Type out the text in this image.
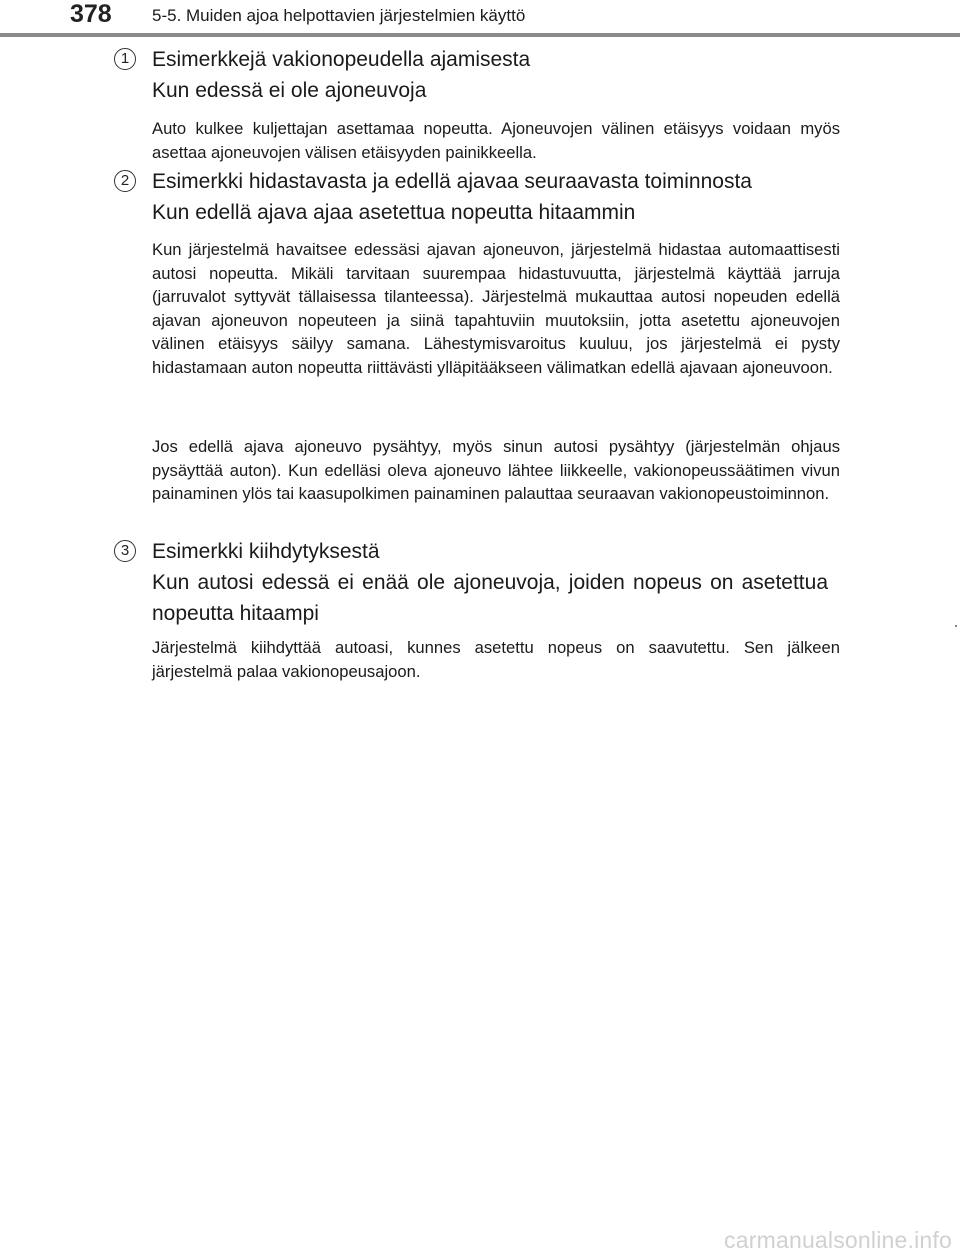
378 5-5. Muiden ajoa helpottavien järjestelmien käyttö
1	Esimerkkejä vakionopeudella ajamisesta
Kun edessä ei ole ajoneuvoja
Auto kulkee kuljettajan asettamaa nopeutta. Ajoneuvojen välinen etäisyys voidaan myös asettaa ajoneuvojen välisen etäisyyden painikkeella.
2	Esimerkki hidastavasta ja edellä ajavaa seuraavasta toiminnosta
Kun edellä ajava ajaa asetettua nopeutta hitaammin
Kun järjestelmä havaitsee edessäsi ajavan ajoneuvon, järjestelmä hidastaa automaattisesti autosi nopeutta. Mikäli tarvitaan suurempaa hidastuvuutta, järjestelmä käyttää jarruja (jarruvalot syttyvät tällaisessa tilanteessa). Järjestelmä mukauttaa autosi nopeuden edellä ajavan ajoneuvon nopeuteen ja siinä tapahtuviin muutoksiin, jotta asetettu ajoneuvojen välinen etäisyys säilyy samana. Lähestymisvaroitus kuuluu, jos järjestelmä ei pysty hidastamaan auton nopeutta riittävästi ylläpitääkseen välimatkan edellä ajavaan ajoneuvoon.
Jos edellä ajava ajoneuvo pysähtyy, myös sinun autosi pysähtyy (järjestelmän ohjaus pysäyttää auton). Kun edelläsi oleva ajoneuvo lähtee liikkeelle, vakionopeussäätimen vivun painaminen ylös tai kaasupolkimen painaminen palauttaa seuraavan vakionopeustoiminnon.
3	Esimerkki kiihdytyksestä
Kun autosi edessä ei enää ole ajoneuvoja, joiden nopeus on asetettua nopeutta hitaampi
Järjestelmä kiihdyttää autoasi, kunnes asetettu nopeus on saavutettu. Sen jälkeen järjestelmä palaa vakionopeusajoon.
carmanualsonline.info
